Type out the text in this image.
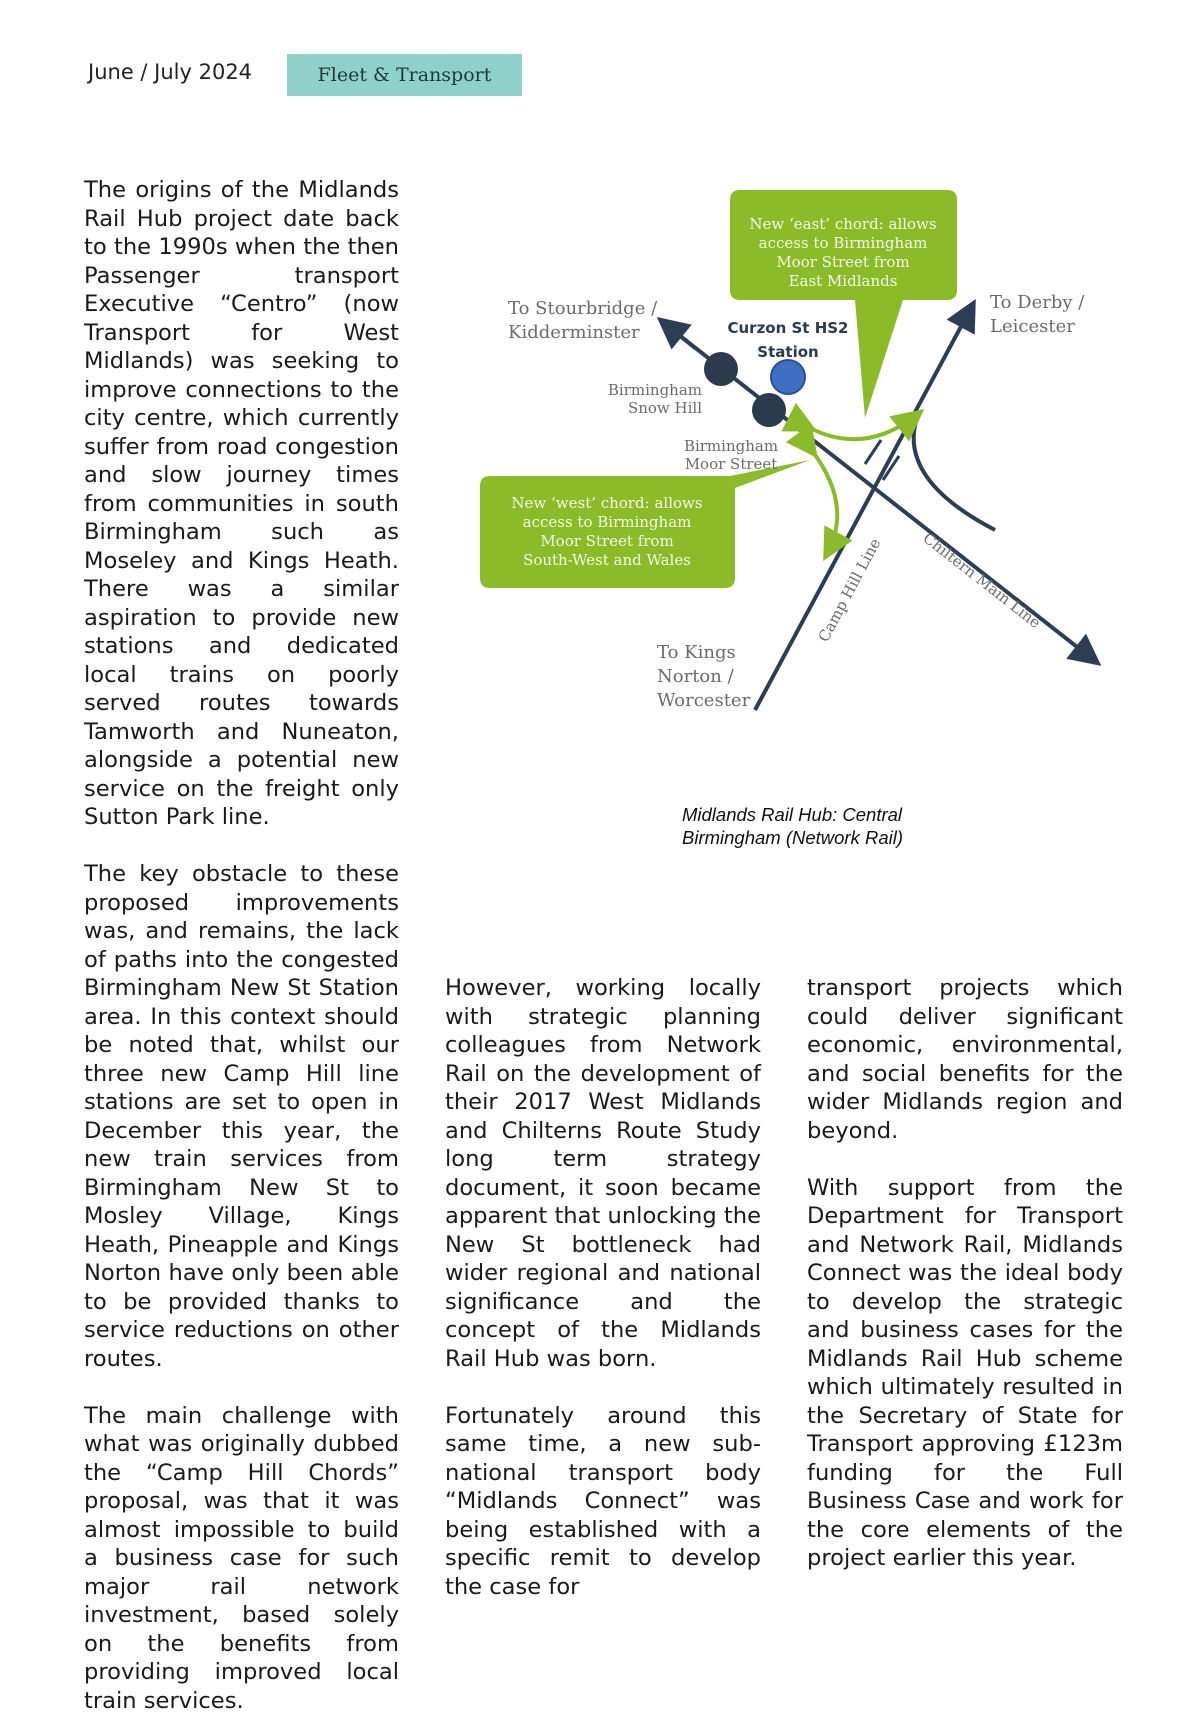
June / July 2024	Fleet & Transport

The origins of the Midlands Rail Hub project date back to the 1990s when the then Passenger transport Executive “Centro” (now Transport for West Midlands) was seeking to improve connections to the city centre, which currently suffer from road congestion and slow journey times from communities in south Birmingham such as Moseley and Kings Heath. There was a similar aspiration to provide new stations and dedicated local trains on poorly served routes towards Tamworth and Nuneaton, alongside a potential new service on the freight only Sutton Park line.

The key obstacle to these proposed improvements was, and remains, the lack of paths into the congested Birmingham New St Station area. In this context should be noted that, whilst our three new Camp Hill line stations are set to open in December this year, the new train services from Birmingham New St to Mosley Village, Kings Heath, Pineapple and Kings Norton have only been able to be provided thanks to service reductions on other routes.

The main challenge with what was originally dubbed the “Camp Hill Chords” proposal, was that it was almost impossible to build a business case for such major rail network investment, based solely on the benefits from providing improved local train services.

However, working locally with strategic planning colleagues from Network Rail on the development of their 2017 West Midlands and Chilterns Route Study long term strategy document, it soon became apparent that unlocking the New St bottleneck had wider regional and national significance and the concept of the Midlands Rail Hub was born.

Fortunately around this same time, a new sub-national transport body “Midlands Connect” was being established with a specific remit to develop the case for

transport projects which could deliver significant economic, environmental, and social benefits for the wider Midlands region and beyond.

With support from the Department for Transport and Network Rail, Midlands Connect was the ideal body to develop the strategic and business cases for the Midlands Rail Hub scheme which ultimately resulted in the Secretary of State for Transport approving £123m funding for the Full Business Case and work for the core elements of the project earlier this year.

New ‘east’ chord: allows
access to Birmingham
Moor Street from
East Midlands
New ‘west’ chord: allows
access to Birmingham
Moor Street from
South-West and Wales
To Stourbridge /
Kidderminster
To Derby /
Leicester
To Kings
Norton /
Worcester
Curzon St HS2
Station
Birmingham
Snow Hill
Birmingham
Moor Street
Camp Hill Line Chiltern Main Line
Midlands Rail Hub: Central
Birmingham (Network Rail)
